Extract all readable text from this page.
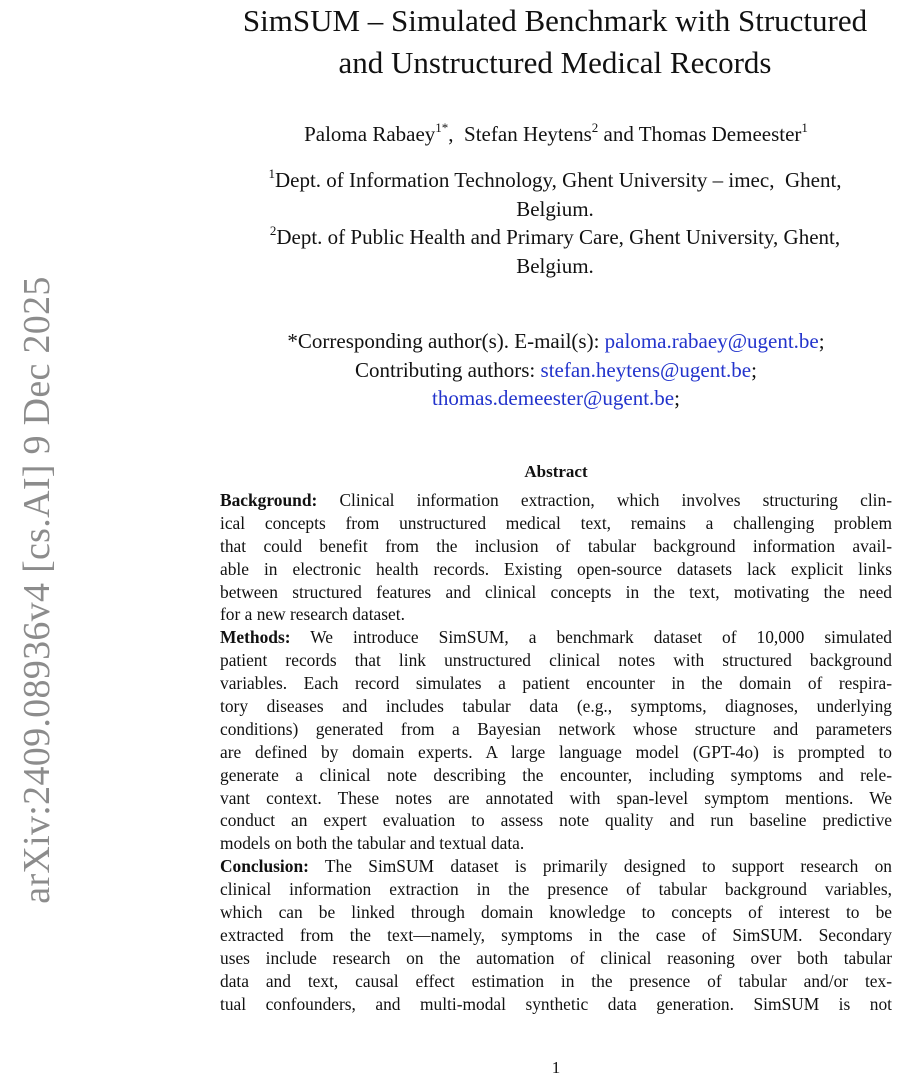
arXiv:2409.08936v4 [cs.AI] 9 Dec 2025
SimSUM – Simulated Benchmark with Structured
and Unstructured Medical Records
Paloma Rabaey$^{1*}$,  Stefan Heytens$^2$ and Thomas Demeester$^1$
$^1$Dept. of Information Technology, Ghent University – imec,  Ghent,
Belgium.
$^2$Dept. of Public Health and Primary Care, Ghent University, Ghent,
Belgium.
*Corresponding author(s). E-mail(s): paloma.rabaey@ugent.be;
Contributing authors: stefan.heytens@ugent.be;
thomas.demeester@ugent.be;
Abstract
Background: Clinical information extraction, which involves structuring clin-
ical concepts from unstructured medical text, remains a challenging problem
that could benefit from the inclusion of tabular background information avail-
able in electronic health records. Existing open-source datasets lack explicit links
between structured features and clinical concepts in the text, motivating the need
for a new research dataset.
Methods: We introduce SimSUM, a benchmark dataset of 10,000 simulated
patient records that link unstructured clinical notes with structured background
variables. Each record simulates a patient encounter in the domain of respira-
tory diseases and includes tabular data (e.g., symptoms, diagnoses, underlying
conditions) generated from a Bayesian network whose structure and parameters
are defined by domain experts. A large language model (GPT-4o) is prompted to
generate a clinical note describing the encounter, including symptoms and rele-
vant context. These notes are annotated with span-level symptom mentions. We
conduct an expert evaluation to assess note quality and run baseline predictive
models on both the tabular and textual data.
Conclusion: The SimSUM dataset is primarily designed to support research on
clinical information extraction in the presence of tabular background variables,
which can be linked through domain knowledge to concepts of interest to be
extracted from the text—namely, symptoms in the case of SimSUM. Secondary
uses include research on the automation of clinical reasoning over both tabular
data and text, causal effect estimation in the presence of tabular and/or tex-
tual confounders, and multi-modal synthetic data generation. SimSUM is not
1
